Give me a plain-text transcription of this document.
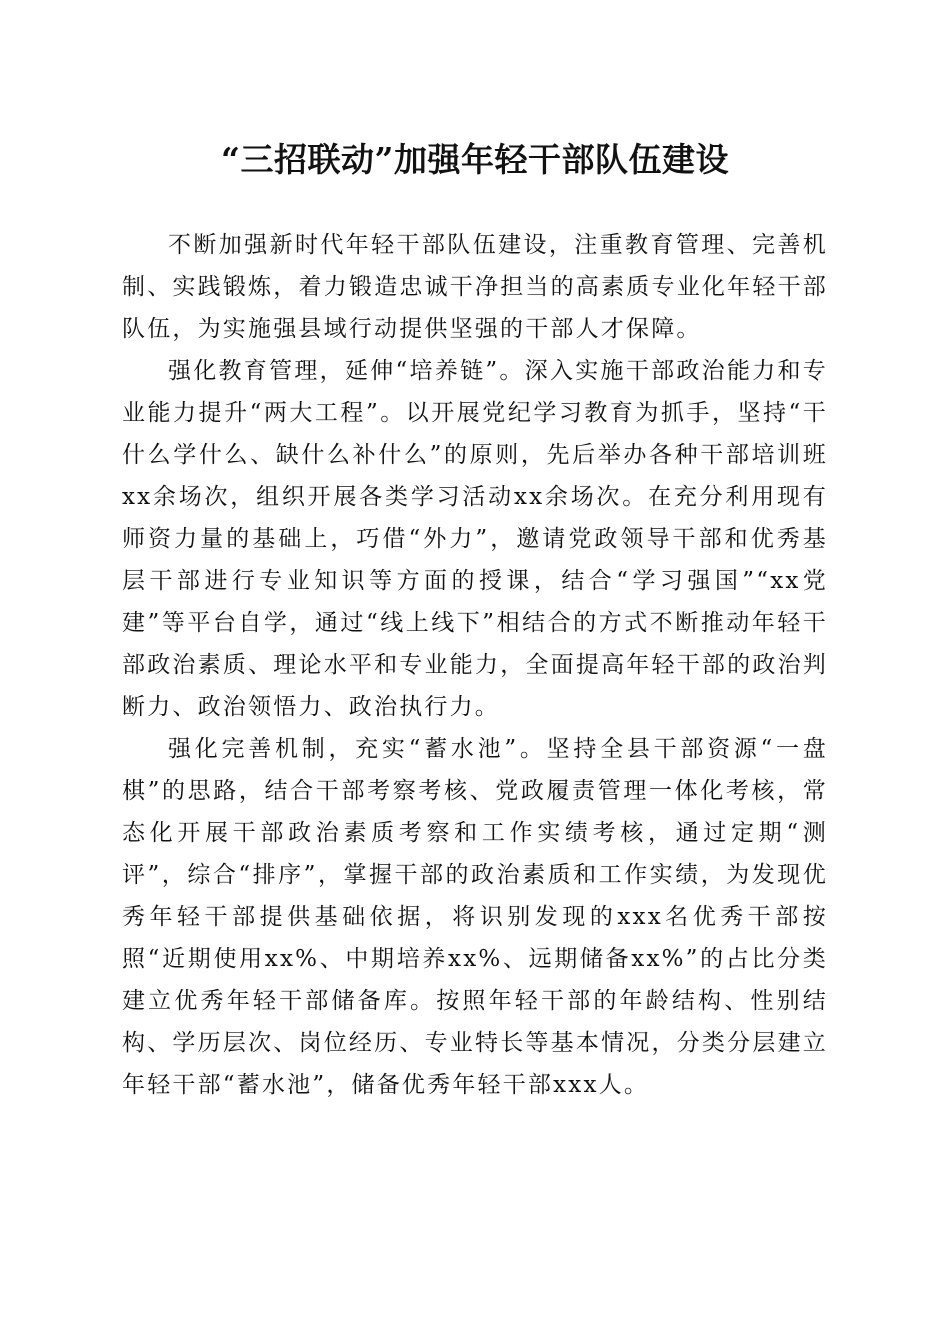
“三招联动”加强年轻干部队伍建设

不断加强新时代年轻干部队伍建设，注重教育管理、完善机制、实践锻炼，着力锻造忠诚干净担当的高素质专业化年轻干部队伍，为实施强县域行动提供坚强的干部人才保障。

强化教育管理，延伸“培养链”。深入实施干部政治能力和专业能力提升“两大工程”。以开展党纪学习教育为抓手，坚持“干什么学什么、缺什么补什么”的原则，先后举办各种干部培训班xx余场次，组织开展各类学习活动xx余场次。在充分利用现有师资力量的基础上，巧借“外力”，邀请党政领导干部和优秀基层干部进行专业知识等方面的授课，结合“学习强国”“xx党建”等平台自学，通过“线上线下”相结合的方式不断推动年轻干部政治素质、理论水平和专业能力，全面提高年轻干部的政治判断力、政治领悟力、政治执行力。

强化完善机制，充实“蓄水池”。坚持全县干部资源“一盘棋”的思路，结合干部考察考核、党政履责管理一体化考核，常态化开展干部政治素质考察和工作实绩考核，通过定期“测评”，综合“排序”，掌握干部的政治素质和工作实绩，为发现优秀年轻干部提供基础依据，将识别发现的xxx名优秀干部按照“近期使用xx%、中期培养xx%、远期储备xx%”的占比分类建立优秀年轻干部储备库。按照年轻干部的年龄结构、性别结构、学历层次、岗位经历、专业特长等基本情况，分类分层建立年轻干部“蓄水池”，储备优秀年轻干部xxx人。
